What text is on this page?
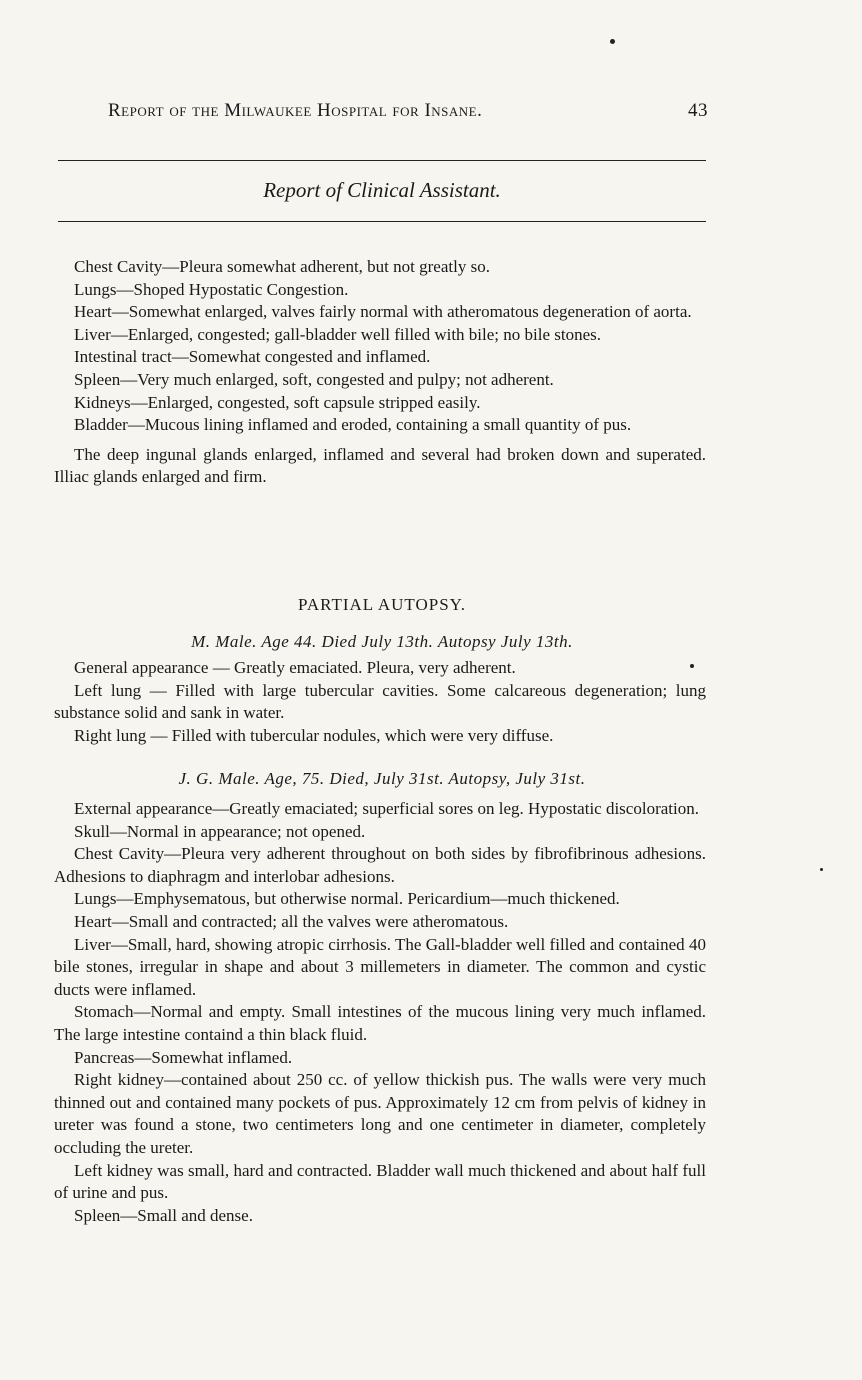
Report of the Milwaukee Hospital for Insane.	43
Report of Clinical Assistant.

Chest Cavity—Pleura somewhat adherent, but not greatly so.

Lungs—Shoped Hypostatic Congestion.

Heart—Somewhat enlarged, valves fairly normal with atheromatous degeneration of aorta.

Liver—Enlarged, congested; gall-bladder well filled with bile; no bile stones.

Intestinal tract—Somewhat congested and inflamed.

Spleen—Very much enlarged, soft, congested and pulpy; not adherent.

Kidneys—Enlarged, congested, soft capsule stripped easily.

Bladder—Mucous lining inflamed and eroded, containing a small quantity of pus.

The deep ingunal glands enlarged, inflamed and several had broken down and superated. Illiac glands enlarged and firm.

PARTIAL AUTOPSY.
M. Male. Age 44. Died July 13th. Autopsy July 13th.

General appearance — Greatly emaciated. Pleura, very adherent.

Left lung — Filled with large tubercular cavities. Some calcareous degeneration; lung substance solid and sank in water.

Right lung — Filled with tubercular nodules, which were very diffuse.

J. G. Male. Age, 75. Died, July 31st. Autopsy, July 31st.

External appearance—Greatly emaciated; superficial sores on leg. Hypostatic discoloration.

Skull—Normal in appearance; not opened.

Chest Cavity—Pleura very adherent throughout on both sides by fibrofibrinous adhesions. Adhesions to diaphragm and interlobar adhesions.

Lungs—Emphysematous, but otherwise normal. Pericardium—much thickened.

Heart—Small and contracted; all the valves were atheromatous.

Liver—Small, hard, showing atropic cirrhosis. The Gall-bladder well filled and contained 40 bile stones, irregular in shape and about 3 millemeters in diameter. The common and cystic ducts were inflamed.

Stomach—Normal and empty. Small intestines of the mucous lining very much inflamed. The large intestine containd a thin black fluid.

Pancreas—Somewhat inflamed.

Right kidney—contained about 250 cc. of yellow thickish pus. The walls were very much thinned out and contained many pockets of pus. Approximately 12 cm from pelvis of kidney in ureter was found a stone, two centimeters long and one centimeter in diameter, completely occluding the ureter.

Left kidney was small, hard and contracted. Bladder wall much thickened and about half full of urine and pus.

Spleen—Small and dense.
